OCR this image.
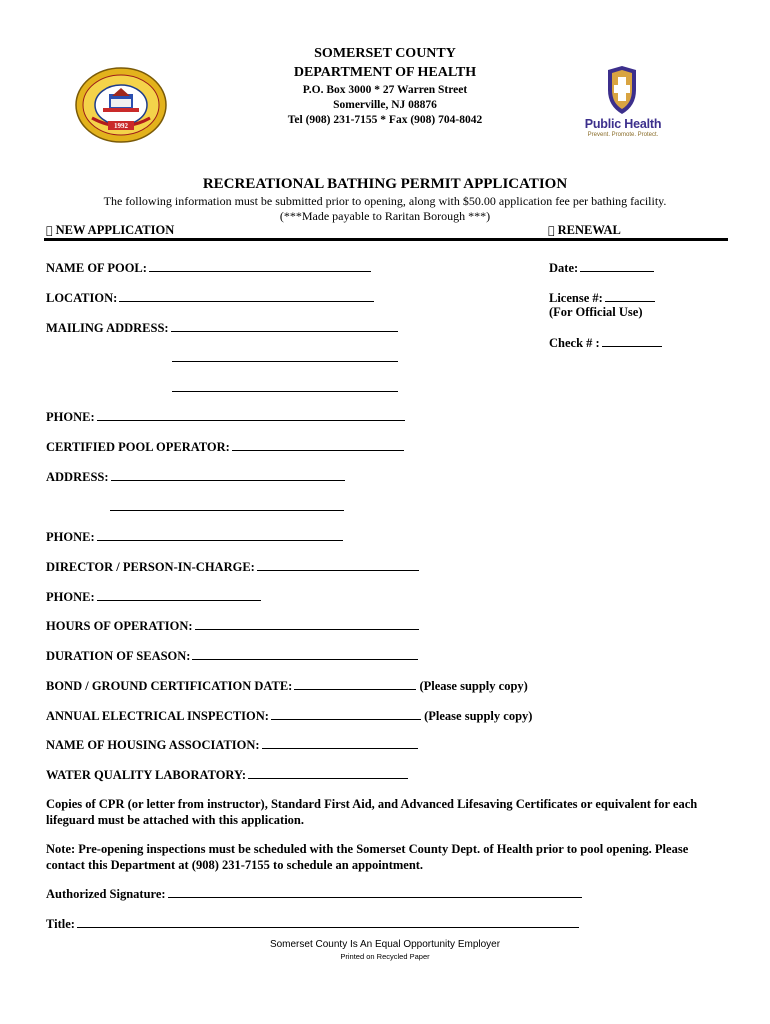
1992
SOMERSET COUNTY
DEPARTMENT OF HEALTH
P.O. Box 3000 * 27 Warren Street
Somerville, NJ 08876
Tel (908) 231-7155 * Fax (908) 704-8042	Public Health
Prevent. Promote. Protect.
RECREATIONAL BATHING PERMIT APPLICATION
The following information must be submitted prior to opening, along with $50.00 application fee per bathing facility.
(***Made payable to Raritan Borough ***)
NEW APPLICATION	RENEWAL
NAME OF POOL:	Date:
LOCATION:	License #:
(For Official Use)
MAILING ADDRESS:
Check # :
PHONE:
CERTIFIED POOL OPERATOR:
ADDRESS:
PHONE:
DIRECTOR / PERSON-IN-CHARGE:
PHONE:
HOURS OF OPERATION:
DURATION OF SEASON:
BOND / GROUND CERTIFICATION DATE:	(Please supply copy)
ANNUAL ELECTRICAL INSPECTION:	(Please supply copy)
NAME OF HOUSING ASSOCIATION:
WATER QUALITY LABORATORY:
Copies of CPR (or letter from instructor), Standard First Aid, and Advanced Lifesaving Certificates or equivalent for each lifeguard must be attached with this application.
Note: Pre-opening inspections must be scheduled with the Somerset County Dept. of Health prior to pool opening. Please contact this Department at (908) 231-7155 to schedule an appointment.
Authorized Signature:
Title:
Somerset County Is An Equal Opportunity Employer
Printed on Recycled Paper
